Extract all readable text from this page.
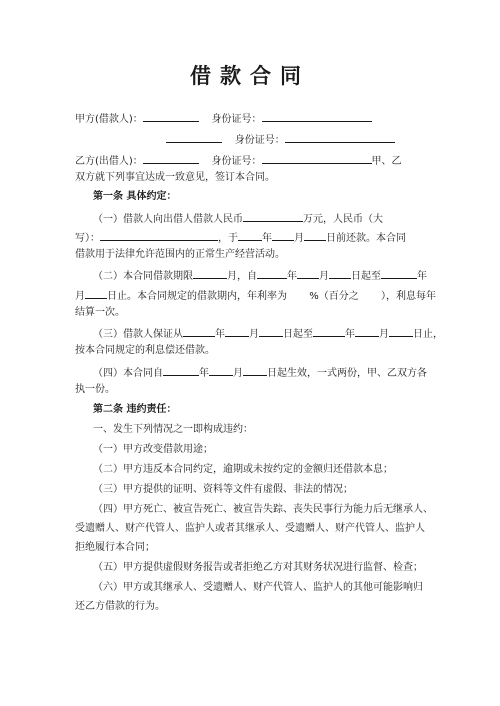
借款合同
甲方(借款人)：	身份证号：
身份证号：
乙方(出借人)：	身份证号：	甲、乙
双方就下列事宜达成一致意见，签订本合同。
第一条 具体约定：
（一）借款人向出借人借款人民币	万元，人民币（大
写）：	，于 年 月 日前还款。本合同
借款用于法律允许范围内的正常生产经营活动。
（二）本合同借款期限	月，自	年 月 日起至	年
月 日止。本合同规定的借款期内，年利率为 %（百分之 ），利息每年
结算一次。
（三）借款人保证从	年 月 日起至	年 月 日止，
按本合同规定的利息偿还借款。
（四）本合同自	年 月 日起生效，一式两份，甲、乙双方各
执一份。
第二条 违约责任：
一、发生下列情况之一即构成违约：
（一）甲方改变借款用途；
（二）甲方违反本合同约定，逾期或未按约定的金额归还借款本息；
（三）甲方提供的证明、资料等文件有虚假、非法的情况；
（四）甲方死亡、被宣告死亡、被宣告失踪、丧失民事行为能力后无继承人、
受遗赠人、财产代管人、监护人或者其继承人、受遗赠人、财产代管人、监护人
拒绝履行本合同；
（五）甲方提供虚假财务报告或者拒绝乙方对其财务状况进行监督、检查；
（六）甲方或其继承人、受遗赠人、财产代管人、监护人的其他可能影响归
还乙方借款的行为。
